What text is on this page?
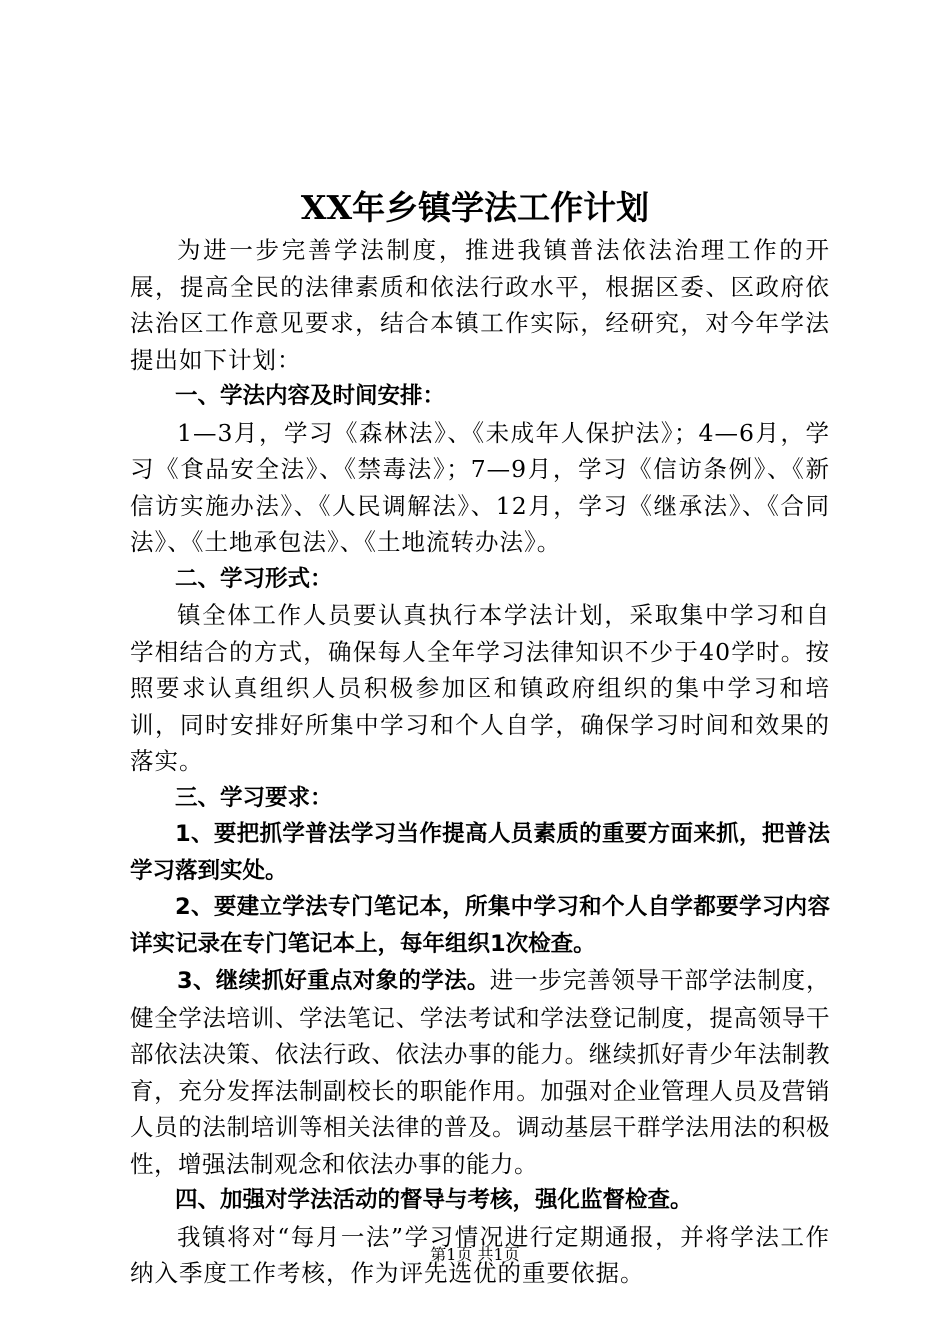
XX年乡镇学法工作计划

为进一步完善学法制度，推进我镇普法依法治理工作的开展，提高全民的法律素质和依法行政水平，根据区委、区政府依法治区工作意见要求，结合本镇工作实际，经研究，对今年学法提出如下计划：

一、学法内容及时间安排：

1—3月，学习《森林法》、《未成年人保护法》；4—6月，学习《食品安全法》、《禁毒法》；7—9月，学习《信访条例》、《新信访实施办法》、《人民调解法》、12月，学习《继承法》、《合同法》、《土地承包法》、《土地流转办法》。

二、学习形式：

镇全体工作人员要认真执行本学法计划，采取集中学习和自学相结合的方式，确保每人全年学习法律知识不少于40学时。按照要求认真组织人员积极参加区和镇政府组织的集中学习和培训，同时安排好所集中学习和个人自学，确保学习时间和效果的落实。

三、学习要求：

1、要把抓学普法学习当作提高人员素质的重要方面来抓，把普法学习落到实处。

2、要建立学法专门笔记本，所集中学习和个人自学都要学习内容详实记录在专门笔记本上，每年组织1次检查。

3、继续抓好重点对象的学法。进一步完善领导干部学法制度，健全学法培训、学法笔记、学法考试和学法登记制度，提高领导干部依法决策、依法行政、依法办事的能力。继续抓好青少年法制教育，充分发挥法制副校长的职能作用。加强对企业管理人员及营销人员的法制培训等相关法律的普及。调动基层干群学法用法的积极性，增强法制观念和依法办事的能力。

四、加强对学法活动的督导与考核，强化监督检查。

我镇将对“每月一法”学习情况进行定期通报，并将学法工作纳入季度工作考核，作为评先选优的重要依据。

第1页 共1页
